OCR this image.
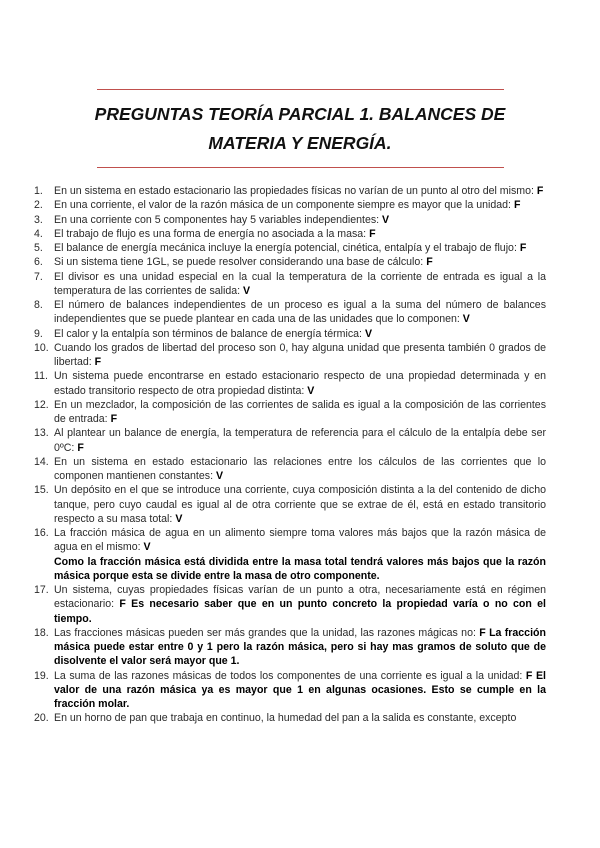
PREGUNTAS TEORÍA PARCIAL 1. BALANCES DE MATERIA Y ENERGÍA.
1. En un sistema en estado estacionario las propiedades físicas no varían de un punto al otro del mismo: F
2. En una corriente, el valor de la razón másica de un componente siempre es mayor que la unidad: F
3. En una corriente con 5 componentes hay 5 variables independientes: V
4. El trabajo de flujo es una forma de energía no asociada a la masa: F
5. El balance de energía mecánica incluye la energía potencial, cinética, entalpía y el trabajo de flujo: F
6. Si un sistema tiene 1GL, se puede resolver considerando una base de cálculo: F
7. El divisor es una unidad especial en la cual la temperatura de la corriente de entrada es igual a la temperatura de las corrientes de salida: V
8. El número de balances independientes de un proceso es igual a la suma del número de balances independientes que se puede plantear en cada una de las unidades que lo componen: V
9. El calor y la entalpía son términos de balance de energía térmica: V
10. Cuando los grados de libertad del proceso son 0, hay alguna unidad que presenta también 0 grados de libertad: F
11. Un sistema puede encontrarse en estado estacionario respecto de una propiedad determinada y en estado transitorio respecto de otra propiedad distinta: V
12. En un mezclador, la composición de las corrientes de salida es igual a la composición de las corrientes de entrada: F
13. Al plantear un balance de energía, la temperatura de referencia para el cálculo de la entalpía debe ser 0ºC: F
14. En un sistema en estado estacionario las relaciones entre los cálculos de las corrientes que lo componen mantienen constantes: V
15. Un depósito en el que se introduce una corriente, cuya composición distinta a la del contenido de dicho tanque, pero cuyo caudal es igual al de otra corriente que se extrae de él, está en estado transitorio respecto a su masa total: V
16. La fracción másica de agua en un alimento siempre toma valores más bajos que la razón másica de agua en el mismo: V
Como la fracción másica está dividida entre la masa total tendrá valores más bajos que la razón másica porque esta se divide entre la masa de otro componente.
17. Un sistema, cuyas propiedades físicas varían de un punto a otra, necesariamente está en régimen estacionario: F Es necesario saber que en un punto concreto la propiedad varía o no con el tiempo.
18. Las fracciones másicas pueden ser más grandes que la unidad, las razones mágicas no: F La fracción másica puede estar entre 0 y 1 pero la razón másica, pero si hay mas gramos de soluto que de disolvente el valor será mayor que 1.
19. La suma de las razones másicas de todos los componentes de una corriente es igual a la unidad: F El valor de una razón másica ya es mayor que 1 en algunas ocasiones. Esto se cumple en la fracción molar.
20. En un horno de pan que trabaja en continuo, la humedad del pan a la salida es constante, excepto
